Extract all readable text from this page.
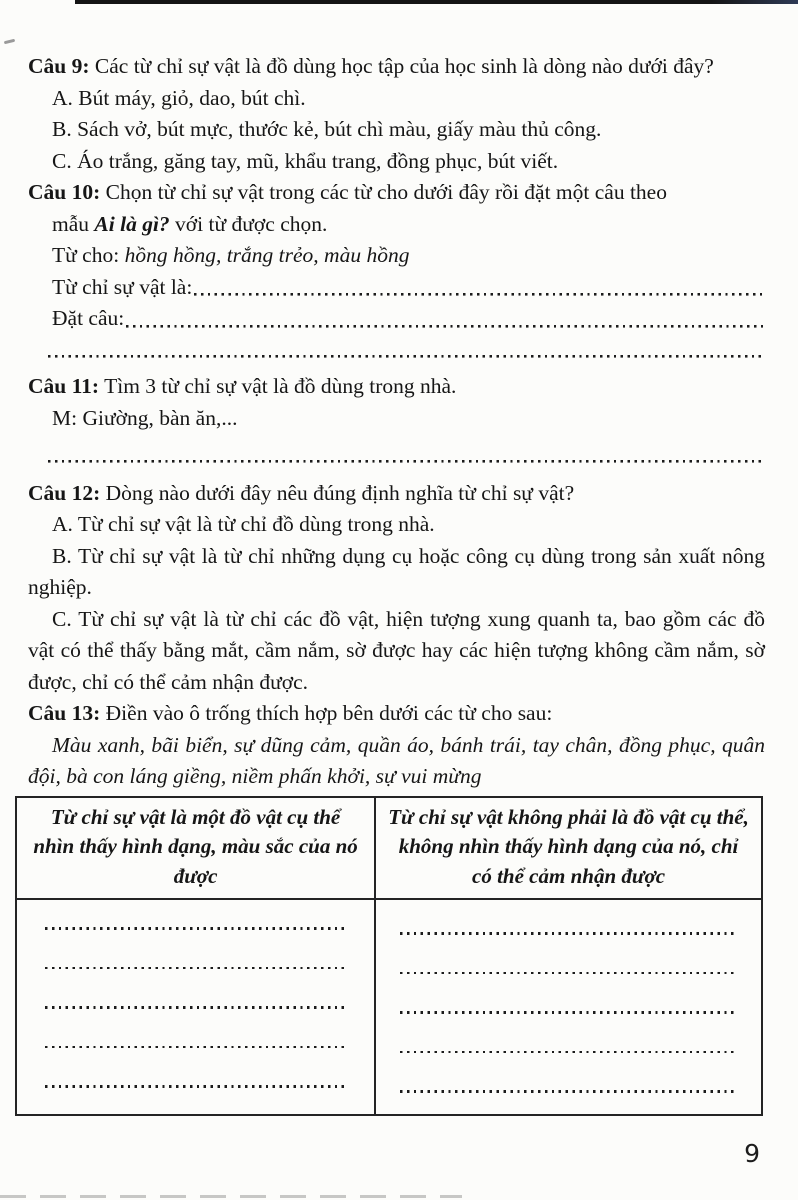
Câu 9: Các từ chỉ sự vật là đồ dùng học tập của học sinh là dòng nào dưới đây?

A. Bút máy, giỏ, dao, bút chì.

B. Sách vở, bút mực, thước kẻ, bút chì màu, giấy màu thủ công.

C. Áo trắng, găng tay, mũ, khẩu trang, đồng phục, bút viết.

Câu 10: Chọn từ chỉ sự vật trong các từ cho dưới đây rồi đặt một câu theo

mẫu Ai là gì? với từ được chọn.

Từ cho: hồng hồng, trắng trẻo, màu hồng

Từ chỉ sự vật là:
Đặt câu:

Câu 11: Tìm 3 từ chỉ sự vật là đồ dùng trong nhà.

M: Giường, bàn ăn,...

Câu 12: Dòng nào dưới đây nêu đúng định nghĩa từ chỉ sự vật?

A. Từ chỉ sự vật là từ chỉ đồ dùng trong nhà.

B. Từ chỉ sự vật là từ chỉ những dụng cụ hoặc công cụ dùng trong sản xuất nông nghiệp.

C. Từ chỉ sự vật là từ chỉ các đồ vật, hiện tượng xung quanh ta, bao gồm các đồ vật có thể thấy bằng mắt, cầm nắm, sờ được hay các hiện tượng không cầm nắm, sờ được, chỉ có thể cảm nhận được.

Câu 13: Điền vào ô trống thích hợp bên dưới các từ cho sau:

Màu xanh, bãi biển, sự dũng cảm, quần áo, bánh trái, tay chân, đồng phục, quân đội, bà con láng giềng, niềm phấn khởi, sự vui mừng

Từ chỉ sự vật là một đồ vật cụ thể nhìn thấy hình dạng, màu sắc của nó được
Từ chỉ sự vật không phải là đồ vật cụ thể, không nhìn thấy hình dạng của nó, chỉ có thể cảm nhận được
9
